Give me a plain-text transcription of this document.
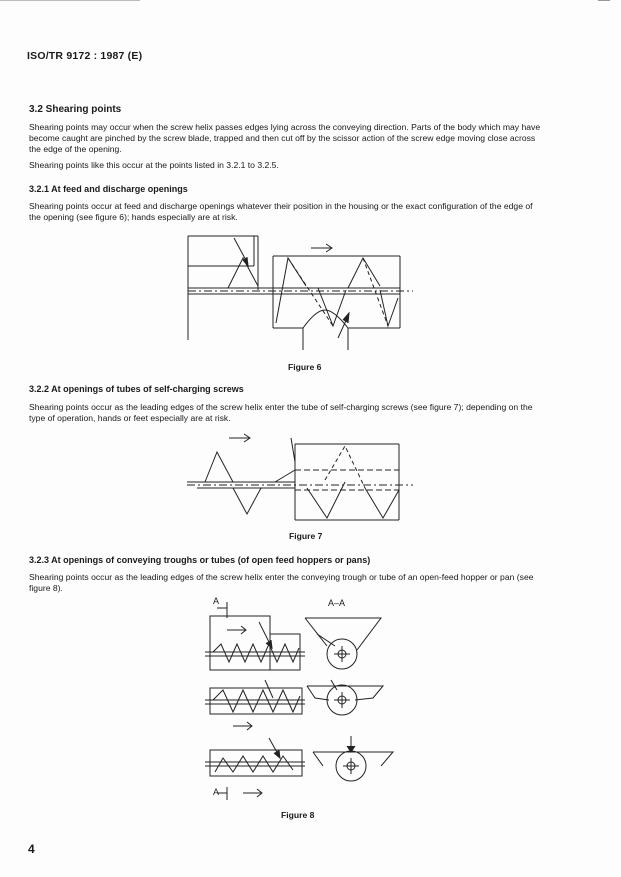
ISO/TR 9172 : 1987 (E)
3.2 Shearing points
Shearing points may occur when the screw helix passes edges lying across the conveying direction. Parts of the body which may have
become caught are pinched by the screw blade, trapped and then cut off by the scissor action of the screw edge moving close across
the edge of the opening.
Shearing points like this occur at the points listed in 3.2.1 to 3.2.5.
3.2.1 At feed and discharge openings
Shearing points occur at feed and discharge openings whatever their position in the housing or the exact configuration of the edge of
the opening (see figure 6); hands especially are at risk.
Figure 6
3.2.2 At openings of tubes of self-charging screws
Shearing points occur as the leading edges of the screw helix enter the tube of self-charging screws (see figure 7); depending on the
type of operation, hands or feet especially are at risk.
Figure 7
3.2.3 At openings of conveying troughs or tubes (of open feed hoppers or pans)
Shearing points occur as the leading edges of the screw helix enter the conveying trough or tube of an open-feed hopper or pan (see
figure 8).
A	A–A
A
Figure 8
4
